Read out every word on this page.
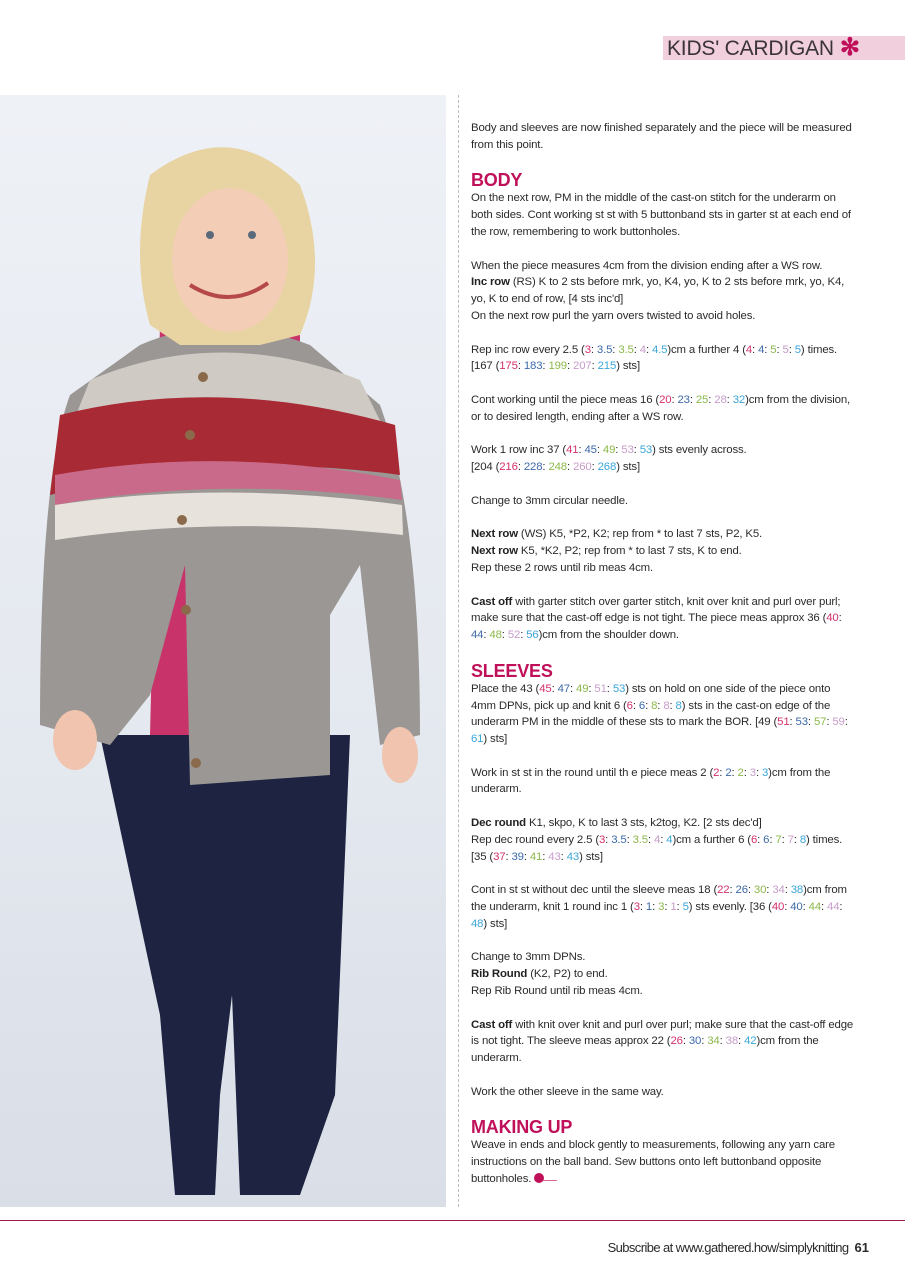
KIDS' CARDIGAN ✻

Body and sleeves are now finished separately and the piece will be measured from this point.

BODY

On the next row, PM in the middle of the cast-on stitch for the underarm on both sides. Cont working st st with 5 buttonband sts in garter st at each end of the row, remembering to work buttonholes.

When the piece measures 4cm from the division ending after a WS row.
Inc row (RS) K to 2 sts before mrk, yo, K4, yo, K to 2 sts before mrk, yo, K4, yo, K to end of row, [4 sts inc'd]
On the next row purl the yarn overs twisted to avoid holes.

Rep inc row every 2.5 (3: 3.5: 3.5: 4: 4.5)cm a further 4 (4: 4: 5: 5: 5) times. [167 (175: 183: 199: 207: 215) sts]

Cont working until the piece meas 16 (20: 23: 25: 28: 32)cm from the division, or to desired length, ending after a WS row.

Work 1 row inc 37 (41: 45: 49: 53: 53) sts evenly across.
[204 (216: 228: 248: 260: 268) sts]

Change to 3mm circular needle.

Next row (WS) K5, *P2, K2; rep from * to last 7 sts, P2, K5.
Next row K5, *K2, P2; rep from * to last 7 sts, K to end.
Rep these 2 rows until rib meas 4cm.

Cast off with garter stitch over garter stitch, knit over knit and purl over purl; make sure that the cast-off edge is not tight. The piece meas approx 36 (40: 44: 48: 52: 56)cm from the shoulder down.

SLEEVES

Place the 43 (45: 47: 49: 51: 53) sts on hold on one side of the piece onto 4mm DPNs, pick up and knit 6 (6: 6: 8: 8: 8) sts in the cast-on edge of the underarm PM in the middle of these sts to mark the BOR. [49 (51: 53: 57: 59: 61) sts]

Work in st st in the round until th e piece meas 2 (2: 2: 2: 3: 3)cm from the underarm.

Dec round K1, skpo, K to last 3 sts, k2tog, K2. [2 sts dec'd]
Rep dec round every 2.5 (3: 3.5: 3.5: 4: 4)cm a further 6 (6: 6: 7: 7: 8) times. [35 (37: 39: 41: 43: 43) sts]

Cont in st st without dec until the sleeve meas 18 (22: 26: 30: 34: 38)cm from the underarm, knit 1 round inc 1 (3: 1: 3: 1: 5) sts evenly. [36 (40: 40: 44: 44: 48) sts]

Change to 3mm DPNs.
Rib Round (K2, P2) to end.
Rep Rib Round until rib meas 4cm.

Cast off with knit over knit and purl over purl; make sure that the cast-off edge is not tight. The sleeve meas approx 22 (26: 30: 34: 38: 42)cm from the underarm.

Work the other sleeve in the same way.

MAKING UP

Weave in ends and block gently to measurements, following any yarn care instructions on the ball band. Sew buttons onto left buttonband opposite buttonholes.

Subscribe at www.gathered.how/simplyknitting 61
